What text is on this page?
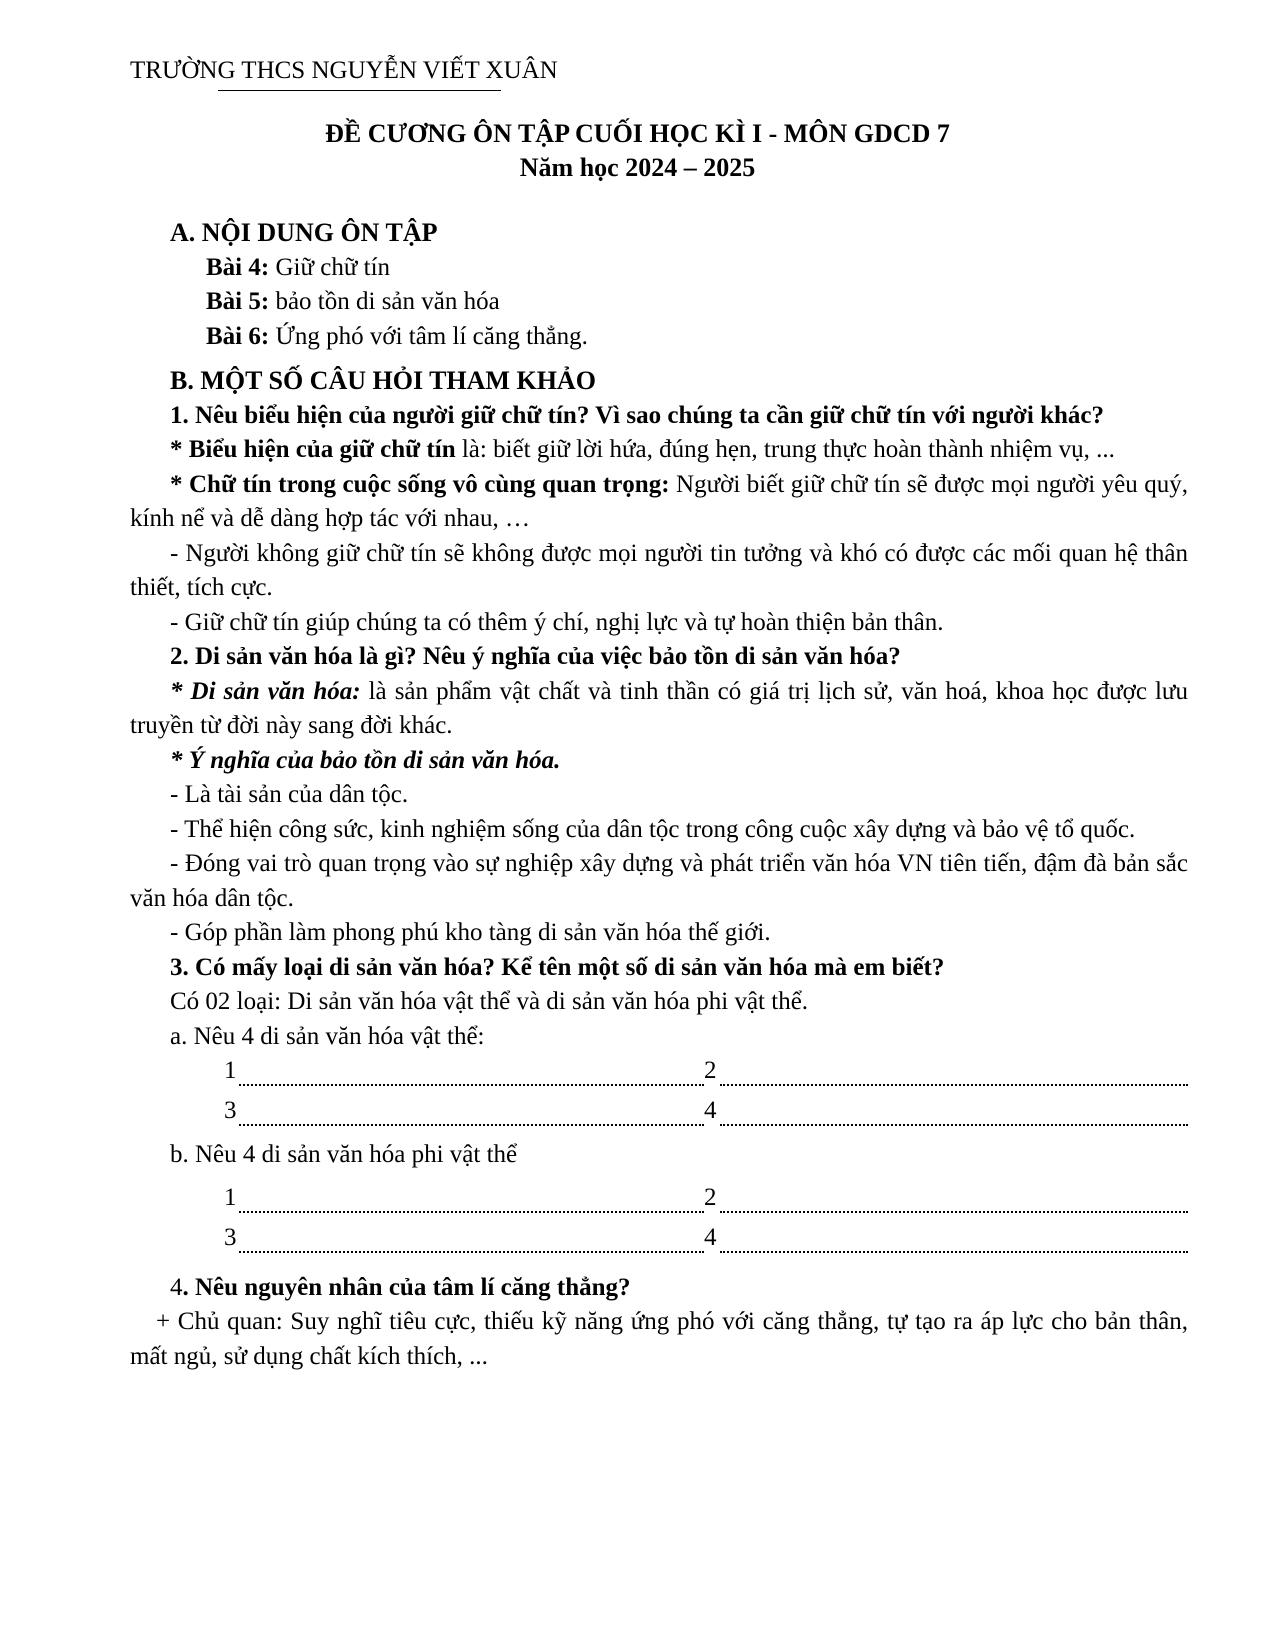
TRƯỜNG THCS NGUYỄN VIẾT XUÂN
ĐỀ CƯƠNG ÔN TẬP CUỐI HỌC KÌ I - MÔN GDCD 7
Năm học 2024 – 2025

A. NỘI DUNG ÔN TẬP

Bài 4: Giữ chữ tín

Bài 5: bảo tồn di sản văn hóa

Bài 6: Ứng phó với tâm lí căng thẳng.

B. MỘT SỐ CÂU HỎI THAM KHẢO

1. Nêu biểu hiện của người giữ chữ tín? Vì sao chúng ta cần giữ chữ tín với người khác?

* Biểu hiện của giữ chữ tín là: biết giữ lời hứa, đúng hẹn, trung thực hoàn thành nhiệm vụ, ...

* Chữ tín trong cuộc sống vô cùng quan trọng: Người biết giữ chữ tín sẽ được mọi người yêu quý, kính nể và dễ dàng hợp tác với nhau, …

- Người không giữ chữ tín sẽ không được mọi người tin tưởng và khó có được các mối quan hệ thân thiết, tích cực.

- Giữ chữ tín giúp chúng ta có thêm ý chí, nghị lực và tự hoàn thiện bản thân.

2. Di sản văn hóa là gì? Nêu ý nghĩa của việc bảo tồn di sản văn hóa?

* Di sản văn hóa: là sản phẩm vật chất và tinh thần có giá trị lịch sử, văn hoá, khoa học được lưu truyền từ đời này sang đời khác.

* Ý nghĩa của bảo tồn di sản văn hóa.

- Là tài sản của dân tộc.

- Thể hiện công sức, kinh nghiệm sống của dân tộc trong công cuộc xây dựng và bảo vệ tổ quốc.

- Đóng vai trò quan trọng vào sự nghiệp xây dựng và phát triển văn hóa VN tiên tiến, đậm đà bản sắc văn hóa dân tộc.

- Góp phần làm phong phú kho tàng di sản văn hóa thế giới.

3. Có mấy loại di sản văn hóa? Kể tên một số di sản văn hóa mà em biết?

Có 02 loại: Di sản văn hóa vật thể và di sản văn hóa phi vật thể.

a. Nêu 4 di sản văn hóa vật thể:

1	2
3	4

b. Nêu 4 di sản văn hóa phi vật thể

1	2
3	4

4. Nêu nguyên nhân của tâm lí căng thẳng?

+ Chủ quan: Suy nghĩ tiêu cực, thiếu kỹ năng ứng phó với căng thẳng, tự tạo ra áp lực cho bản thân, mất ngủ, sử dụng chất kích thích, ...
